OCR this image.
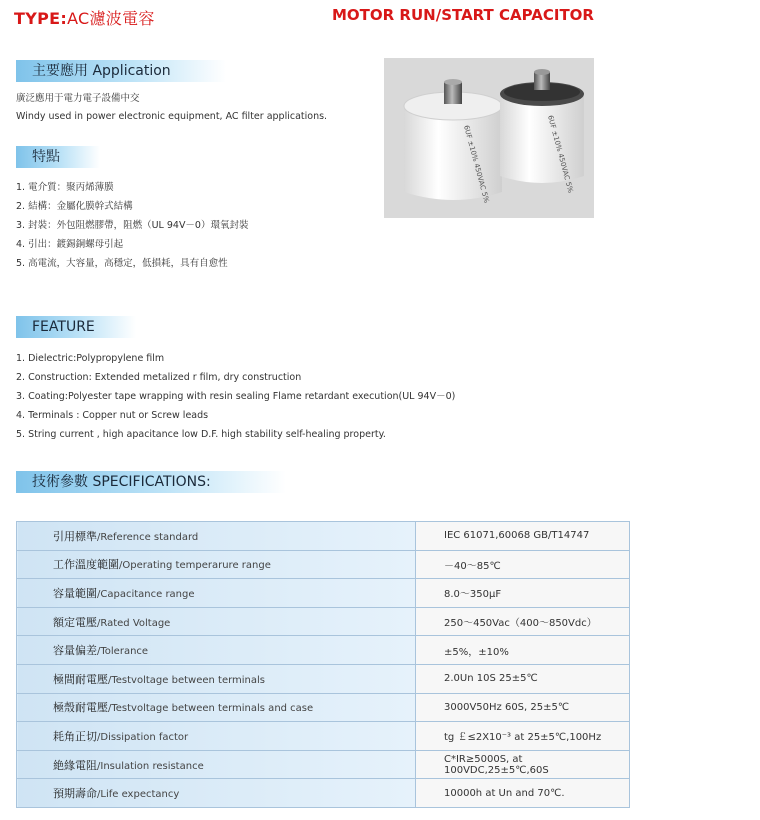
TYPE:AC濾波電容	MOTOR RUN/START CAPACITOR
主要應用 Application
廣泛應用于電力電子設備中交
Windy used in power electronic equipment, AC filter applications.
6UF ±10% 450VAC 5%	6UF ±10% 450VAC 5%
特點
1. 電介質：聚丙烯薄膜
2. 結構：金屬化膜幹式結構
3. 封裝：外包阻燃膠帶，阻燃（UL 94V－0）環氧封裝
4. 引出：鍍錫銅螺母引起
5. 高電流，大容量，高穩定，低損耗，具有自愈性
FEATURE
1. Dielectric:Polypropylene film
2. Construction: Extended metalized r film, dry construction
3. Coating:Polyester tape wrapping with resin sealing Flame retardant execution(UL 94V－0)
4. Terminals : Copper nut or Screw leads
5. String current , high apacitance low D.F. high stability self-healing property.
技術參數 SPECIFICATIONS:
引用標準/Reference standard	IEC 61071,60068 GB/T14747
工作溫度範圍/Operating temperarure range	－40～85℃
容量範圍/Capacitance range	8.0～350μF
額定電壓/Rated Voltage	250～450Vac（400～850Vdc）
容量偏差/Tolerance	±5%，±10%
極間耐電壓/Testvoltage between terminals	2.0Un 10S 25±5℃
極殼耐電壓/Testvoltage between terminals and case	3000V50Hz 60S, 25±5℃
耗角正切/Dissipation factor	tg ￡≤2X10⁻³ at 25±5℃,100Hz
絶緣電阻/Insulation resistance	C*IR≥5000S, at 100VDC,25±5℃,60S
預期壽命/Life expectancy	10000h at Un and 70℃.
